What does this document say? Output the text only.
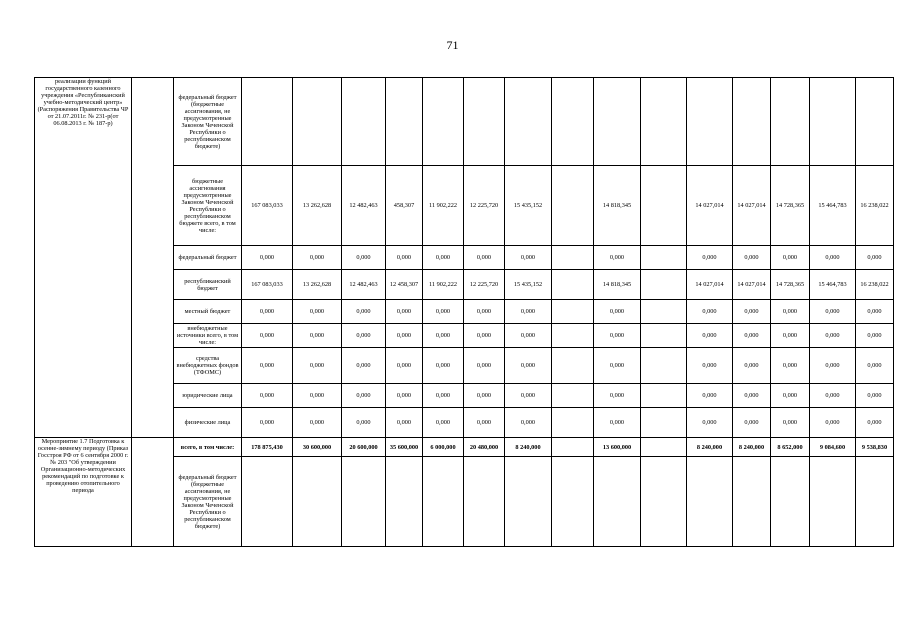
71
реализации функций государственного казенного учреждения «Республиканский учебно-методический центр» (Распоряжения Правительства ЧР от 21.07.2011г. № 231-р(от 06.08.2013 г. № 187-р)		федеральный бюджет (бюджетные ассигнования, не предусмотренные Законом Чеченской Республики о республиканском бюджете)															
		бюджетные ассигнования предусмотренные Законом Чеченской Республики о республиканском бюджете всего, в том числе:	167 083,033	13 262,628	12 482,463	458,307	11 902,222	12 225,720	15 435,152		14 818,345		14 027,014	14 027,014	14 728,365	15 464,783	16 238,022
		федеральный бюджет	0,000	0,000	0,000	0,000	0,000	0,000	0,000		0,000		0,000	0,000	0,000	0,000	0,000
		республиканский бюджет	167 083,033	13 262,628	12 482,463	12 458,307	11 902,222	12 225,720	15 435,152		14 818,345		14 027,014	14 027,014	14 728,365	15 464,783	16 238,022
		местный бюджет	0,000	0,000	0,000	0,000	0,000	0,000	0,000		0,000		0,000	0,000	0,000	0,000	0,000
		внебюджетные источники всего, в том числе:	0,000	0,000	0,000	0,000	0,000	0,000	0,000		0,000		0,000	0,000	0,000	0,000	0,000
		средства внебюджетных фондов (ТФОМС)	0,000	0,000	0,000	0,000	0,000	0,000	0,000		0,000		0,000	0,000	0,000	0,000	0,000
		юридические лица	0,000	0,000	0,000	0,000	0,000	0,000	0,000		0,000		0,000	0,000	0,000	0,000	0,000
		физические лица	0,000	0,000	0,000	0,000	0,000	0,000	0,000		0,000		0,000	0,000	0,000	0,000	0,000
Мероприятие 1.7 Подготовка к осенне-зимнему периоду (Приказ Госстроя РФ от 6 сентября 2000 г. № 203 "Об утверждении Организационно-методических рекомендаций по подготовке к проведению отопительного периода		всего, в том числе:	178 875,430	30 600,000	20 600,000	35 600,000	6 000,000	20 480,000	8 240,000		13 600,000		8 240,000	8 240,000	8 652,000	9 084,600	9 538,830
		федеральный бюджет (бюджетные ассигнования, не предусмотренные Законом Чеченской Республики о республиканском бюджете)															
